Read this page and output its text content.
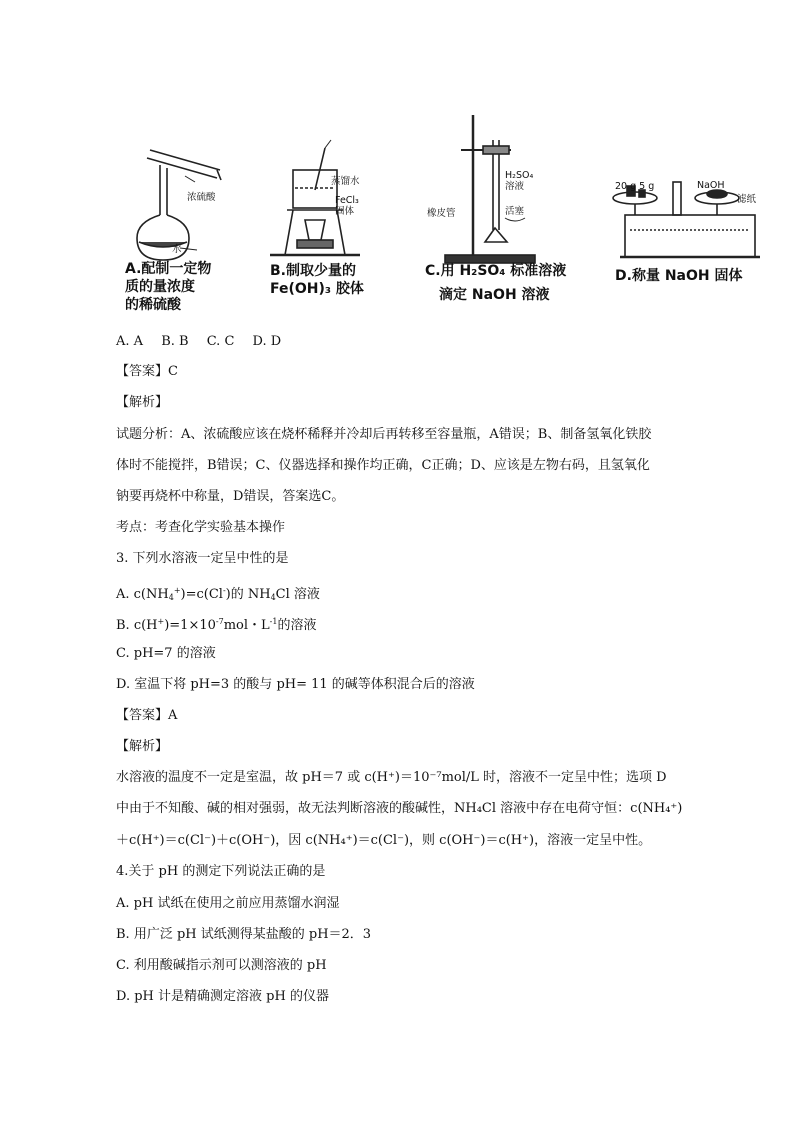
浓硫酸
水
蒸馏水
FeCl₃
固体
H₂SO₄
溶液
橡皮管	活塞
20 g 5 g	NaOH
滤纸
A.配制一定物
质的量浓度
的稀硫酸
B.制取少量的
Fe(OH)₃ 胶体
C.用 H₂SO₄ 标准溶液
滴定 NaOH 溶液
D.称量 NaOH 固体
A. A B. B C. C D. D
【答案】C
【解析】
试题分析：A、浓硫酸应该在烧杯稀释并冷却后再转移至容量瓶，A错误；B、制备氢氧化铁胶
体时不能搅拌，B错误；C、仪器选择和操作均正确，C正确；D、应该是左物右码，且氢氧化
钠要再烧杯中称量，D错误，答案选C。
考点：考查化学实验基本操作
3. 下列水溶液一定呈中性的是
A. $c(NH_4^+)=c(Cl^-)$的 $NH_4Cl$ 溶液
B. $c(H^+)=1\times 10^{-7}mol$・$L^{-1}$的溶液
C. pH=7 的溶液
D. 室温下将 pH=3 的酸与 pH= 11 的碱等体积混合后的溶液
【答案】A
【解析】
水溶液的温度不一定是室温，故 pH＝7 或 c(H⁺)＝10⁻⁷mol/L 时，溶液不一定呈中性；选项 D
中由于不知酸、碱的相对强弱，故无法判断溶液的酸碱性，NH₄Cl 溶液中存在电荷守恒：c(NH₄⁺)
＋c(H⁺)＝c(Cl⁻)＋c(OH⁻)，因 c(NH₄⁺)＝c(Cl⁻)，则 c(OH⁻)＝c(H⁺)，溶液一定呈中性。
4.关于 pH 的测定下列说法正确的是
A. pH 试纸在使用之前应用蒸馏水润湿
B. 用广泛 pH 试纸测得某盐酸的 pH＝2．3
C. 利用酸碱指示剂可以测溶液的 pH
D. pH 计是精确测定溶液 pH 的仪器
